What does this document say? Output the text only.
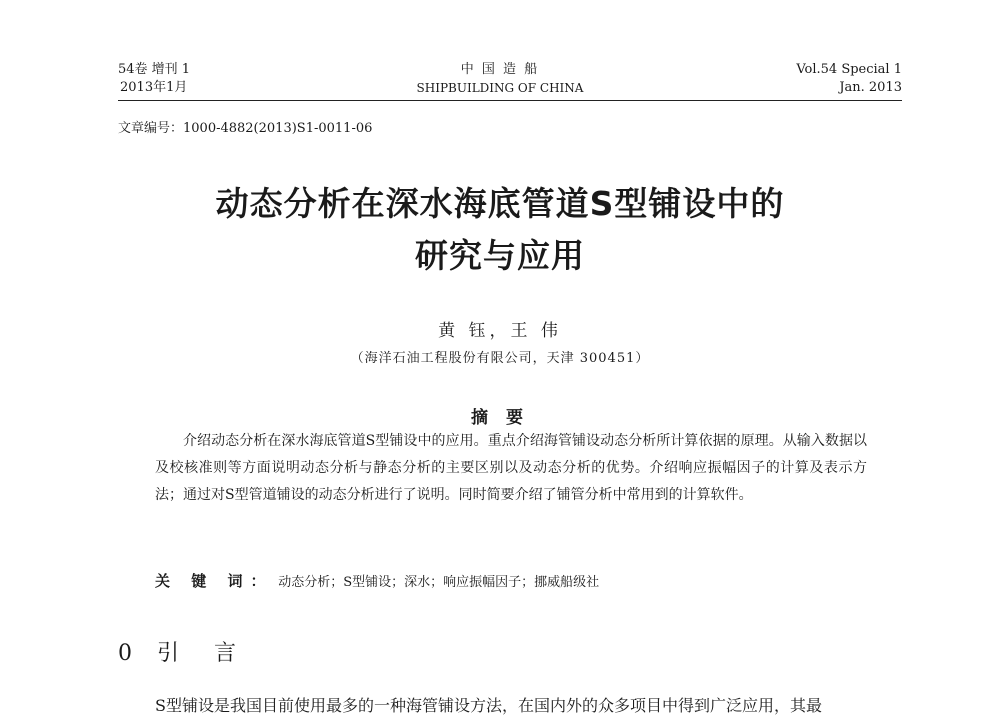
54卷 增刊 1
2013年1月
中 国 造 船
SHIPBUILDING OF CHINA
Vol.54 Special 1
Jan. 2013
文章编号：1000-4882(2013)S1-0011-06
动态分析在深水海底管道S型铺设中的
研究与应用
黄 钰，王 伟
（海洋石油工程股份有限公司，天津 300451）
摘 要
介绍动态分析在深水海底管道S型铺设中的应用。重点介绍海管铺设动态分析所计算依据的原理。从输入数据以及校核准则等方面说明动态分析与静态分析的主要区别以及动态分析的优势。介绍响应振幅因子的计算及表示方法；通过对S型管道铺设的动态分析进行了说明。同时简要介绍了铺管分析中常用到的计算软件。
关 键 词： 动态分析；S型铺设；深水；响应振幅因子；挪威船级社
0 引 言
S型铺设是我国目前使用最多的一种海管铺设方法，在国内外的众多项目中得到广泛应用，其最
